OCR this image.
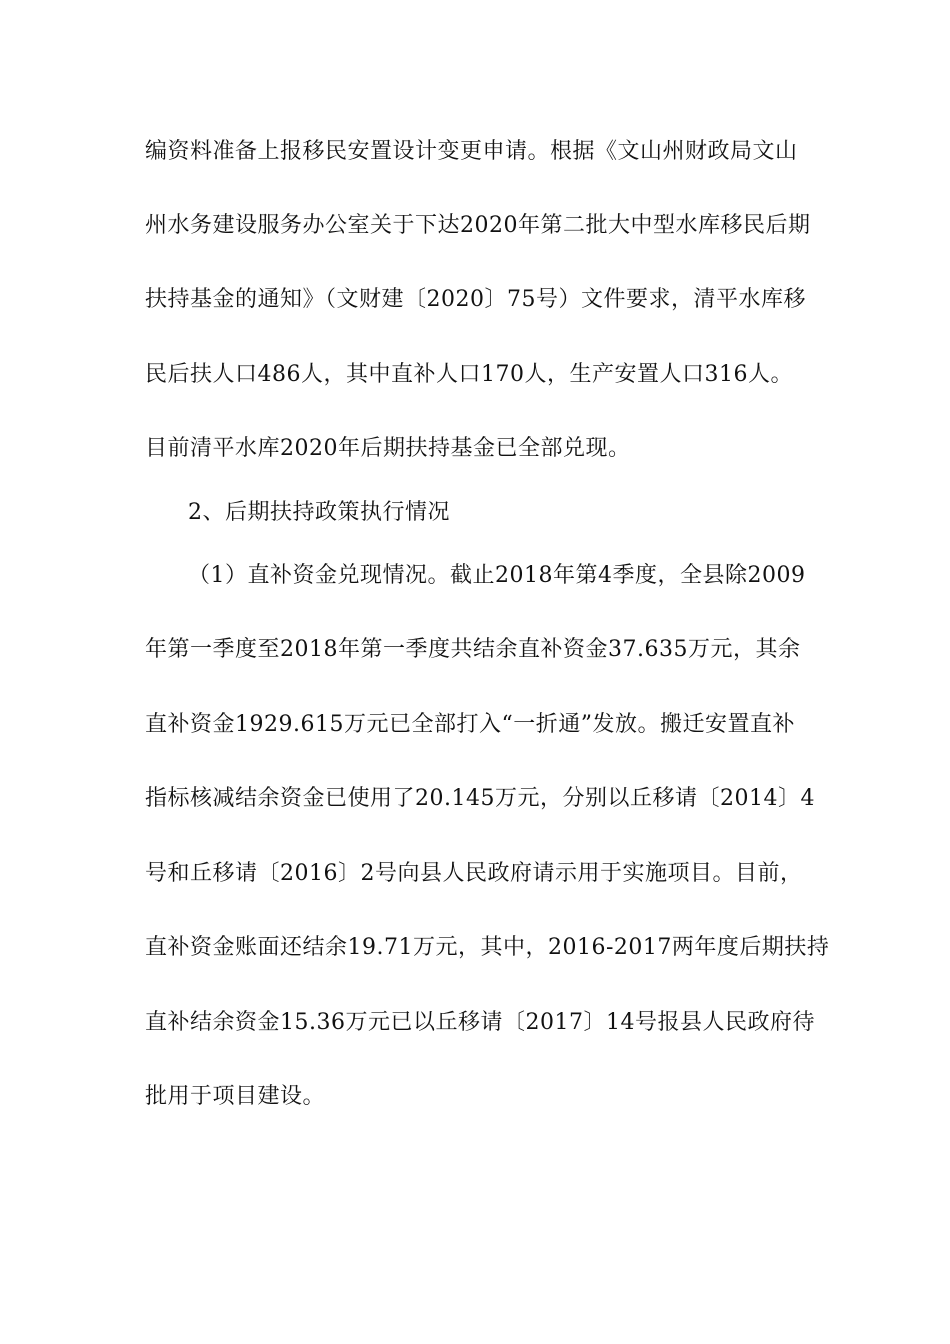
编资料准备上报移民安置设计变更申请。根据《文山州财政局文山
州水务建设服务办公室关于下达2020年第二批大中型水库移民后期
扶持基金的通知》（文财建〔2020〕75号）文件要求，清平水库移
民后扶人口486人，其中直补人口170人，生产安置人口316人。
目前清平水库2020年后期扶持基金已全部兑现。
2、后期扶持政策执行情况
（1）直补资金兑现情况。截止2018年第4季度，全县除2009
年第一季度至2018年第一季度共结余直补资金37.635万元，其余
直补资金1929.615万元已全部打入“一折通”发放。搬迁安置直补
指标核减结余资金已使用了20.145万元，分别以丘移请〔2014〕4
号和丘移请〔2016〕2号向县人民政府请示用于实施项目。目前，
直补资金账面还结余19.71万元，其中，2016-2017两年度后期扶持
直补结余资金15.36万元已以丘移请〔2017〕14号报县人民政府待
批用于项目建设。
